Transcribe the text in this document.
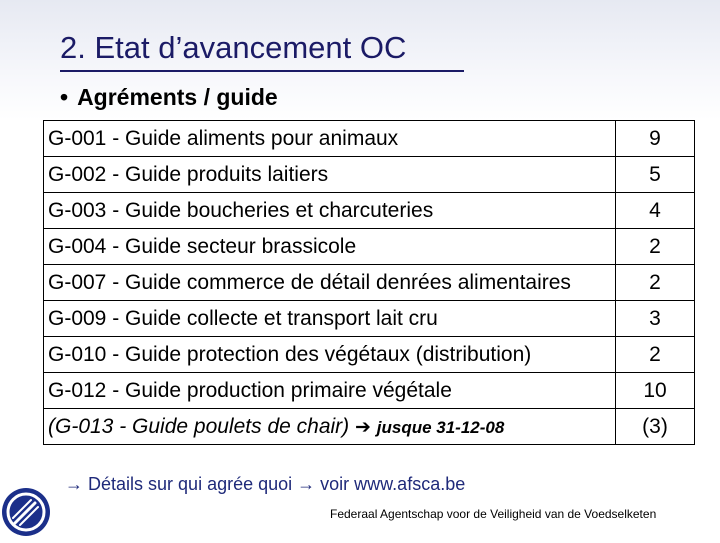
2. Etat d’avancement OC
• Agréments / guide
G-001 - Guide aliments pour animaux	9
G-002 - Guide produits laitiers	5
G-003 - Guide boucheries et charcuteries	4
G-004 - Guide secteur brassicole	2
G-007 - Guide commerce de détail denrées alimentaires	2
G-009 - Guide collecte et transport lait cru	3
G-010 - Guide protection des végétaux (distribution)	2
G-012 - Guide production primaire végétale	10
(G-013 - Guide poulets de chair) ➔ jusque 31-12-08	(3)
→ Détails sur qui agrée quoi → voir www.afsca.be
Federaal Agentschap voor de Veiligheid van de Voedselketen
